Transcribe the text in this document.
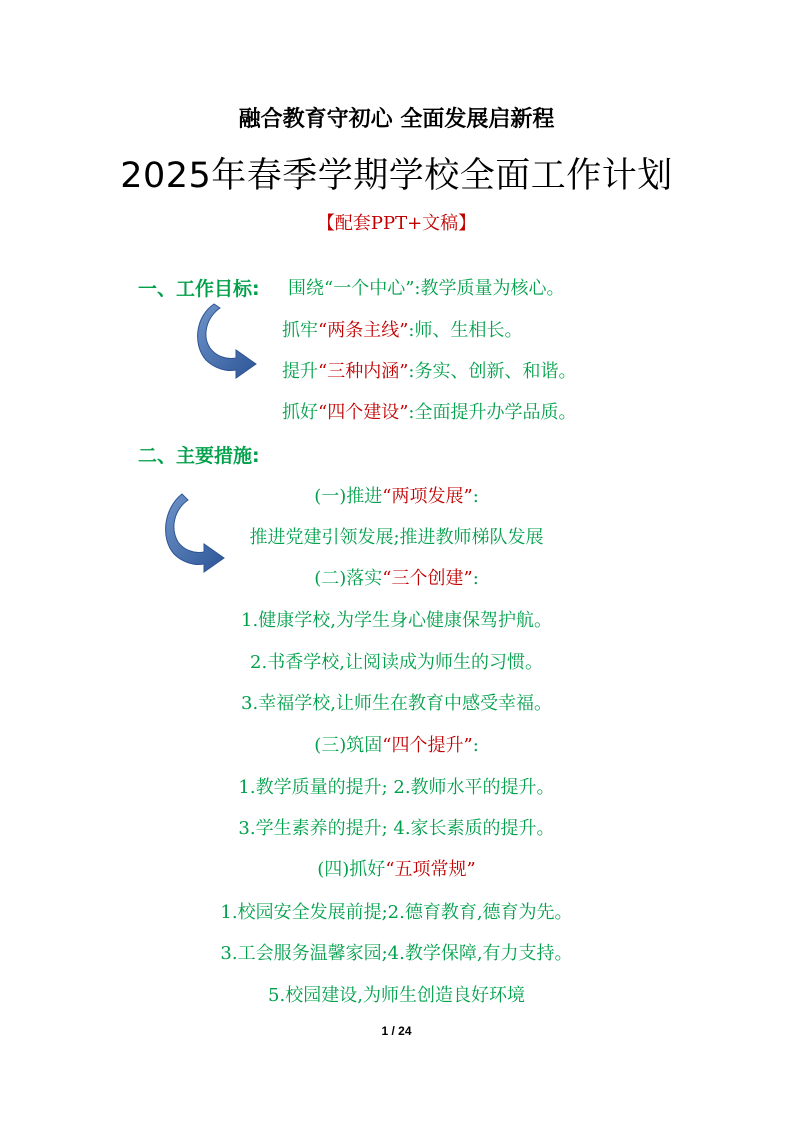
融合教育守初心 全面发展启新程
2025年春季学期学校全面工作计划
【配套PPT+文稿】
一、工作目标: 围绕“一个中心”:教学质量为核心。
抓牢“两条主线”:师、生相长。
提升“三种内涵”:务实、创新、和谐。
抓好“四个建设”:全面提升办学品质。
二、主要措施:
(一)推进“两项发展”:
推进党建引领发展;推进教师梯队发展
(二)落实“三个创建”:
1.健康学校,为学生身心健康保驾护航。
2.书香学校,让阅读成为师生的习惯。
3.幸福学校,让师生在教育中感受幸福。
(三)筑固“四个提升”:
1.教学质量的提升; 2.教师水平的提升。
3.学生素养的提升; 4.家长素质的提升。
(四)抓好“五项常规”
1.校园安全发展前提;2.德育教育,德育为先。
3.工会服务温馨家园;4.教学保障,有力支持。
5.校园建设,为师生创造良好环境
1 / 24
